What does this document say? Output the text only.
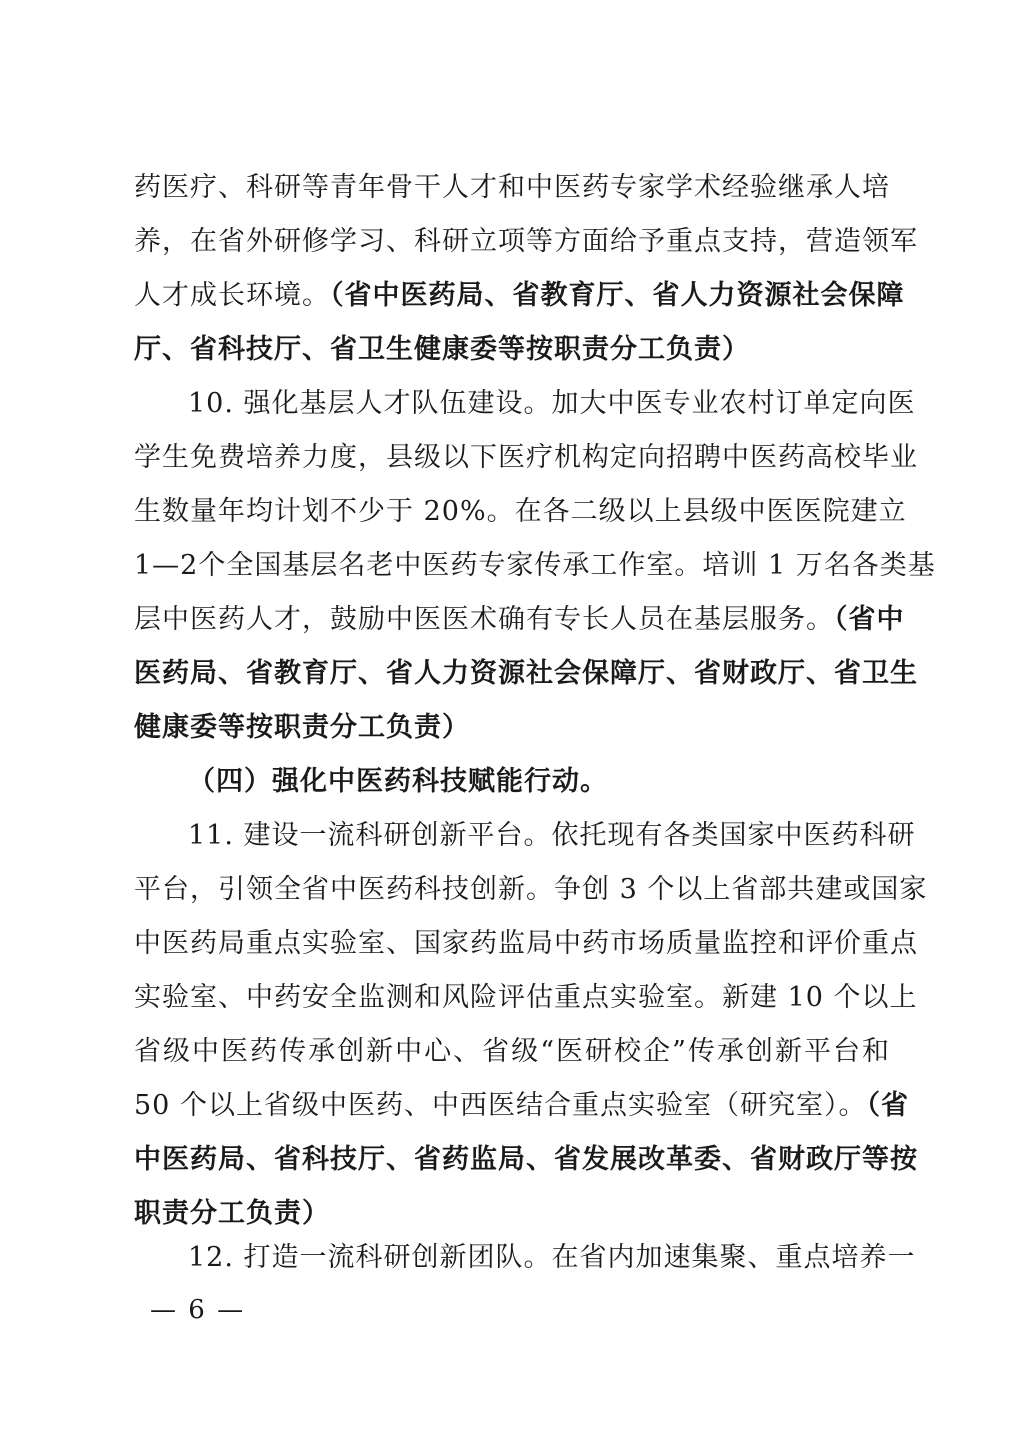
药医疗、科研等青年骨干人才和中医药专家学术经验继承人培
养，在省外研修学习、科研立项等方面给予重点支持，营造领军
人才成长环境。（省中医药局、省教育厅、省人力资源社会保障
厅、省科技厅、省卫生健康委等按职责分工负责）
10. 强化基层人才队伍建设。加大中医专业农村订单定向医
学生免费培养力度，县级以下医疗机构定向招聘中医药高校毕业
生数量年均计划不少于 20%。在各二级以上县级中医医院建立
1—2个全国基层名老中医药专家传承工作室。培训 1 万名各类基
层中医药人才，鼓励中医医术确有专长人员在基层服务。（省中
医药局、省教育厅、省人力资源社会保障厅、省财政厅、省卫生
健康委等按职责分工负责）
（四）强化中医药科技赋能行动。
11. 建设一流科研创新平台。依托现有各类国家中医药科研
平台，引领全省中医药科技创新。争创 3 个以上省部共建或国家
中医药局重点实验室、国家药监局中药市场质量监控和评价重点
实验室、中药安全监测和风险评估重点实验室。新建 10 个以上
省级中医药传承创新中心、省级“医研校企”传承创新平台和
50 个以上省级中医药、中西医结合重点实验室（研究室）。（省
中医药局、省科技厅、省药监局、省发展改革委、省财政厅等按
职责分工负责）
12. 打造一流科研创新团队。在省内加速集聚、重点培养一
— 6 —
